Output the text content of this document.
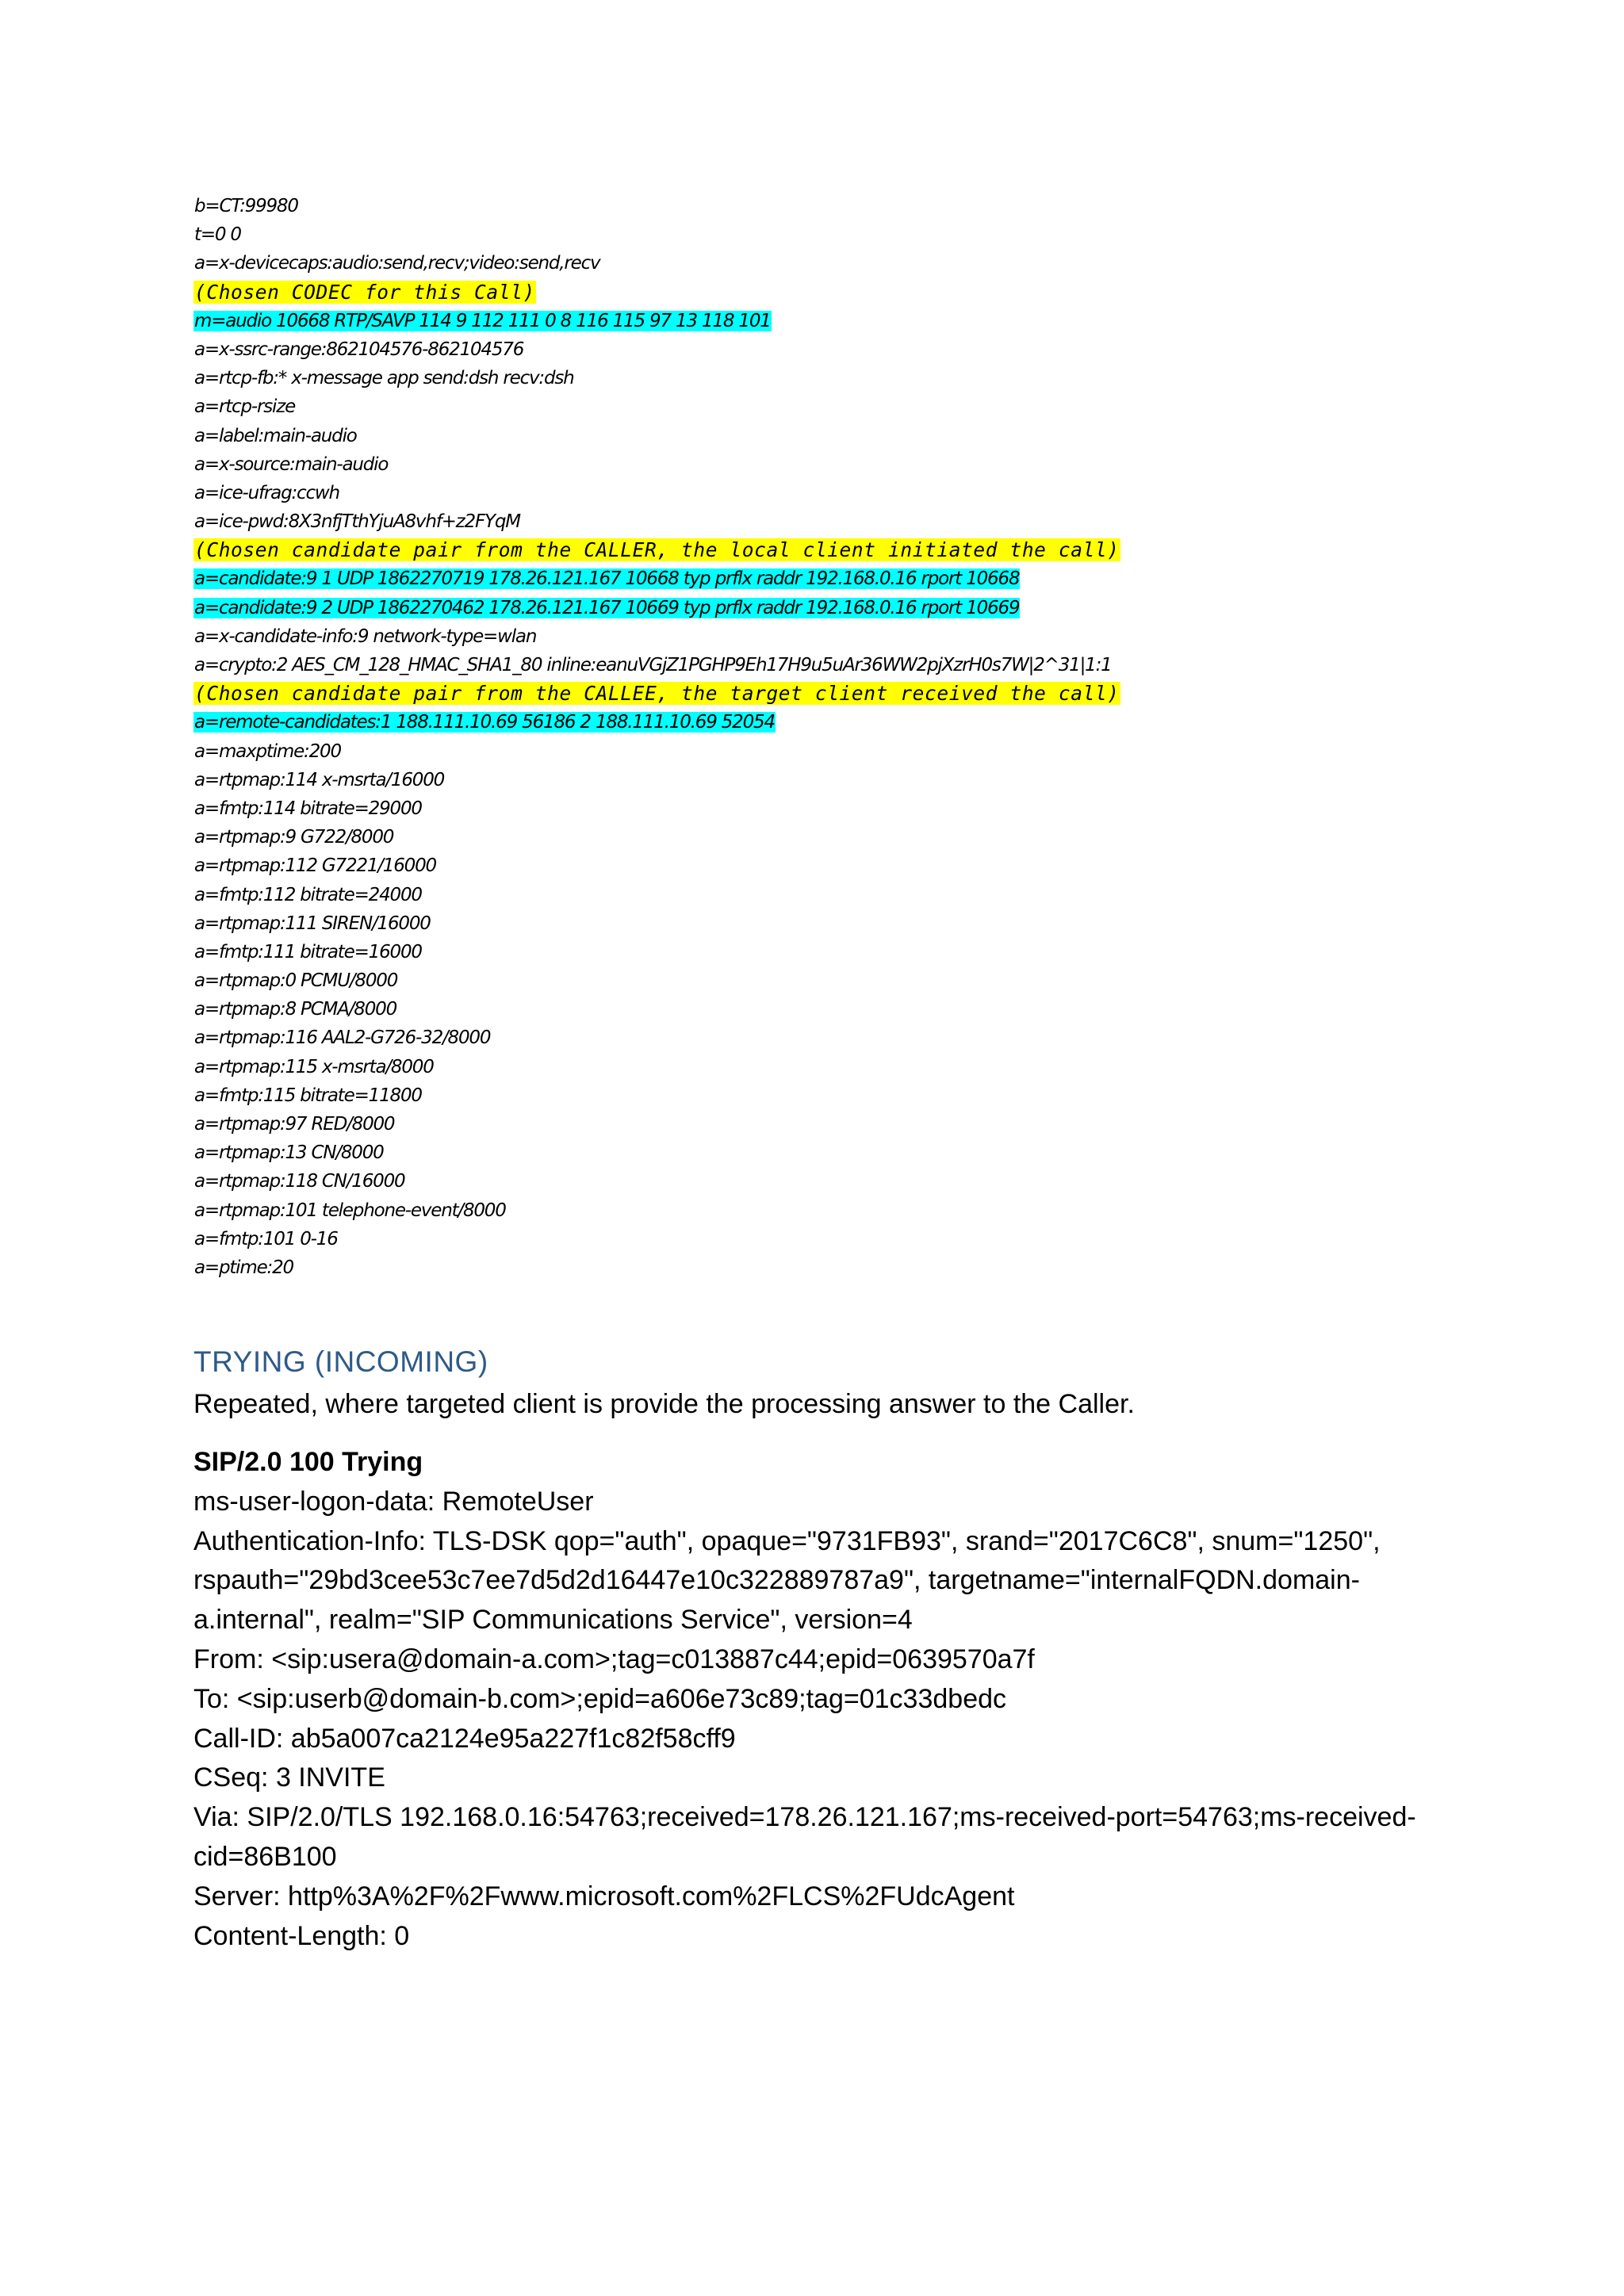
b=CT:99980
t=0 0
a=x-devicecaps:audio:send,recv;video:send,recv
(Chosen CODEC for this Call)
m=audio 10668 RTP/SAVP 114 9 112 111 0 8 116 115 97 13 118 101
a=x-ssrc-range:862104576-862104576
a=rtcp-fb:* x-message app send:dsh recv:dsh
a=rtcp-rsize
a=label:main-audio
a=x-source:main-audio
a=ice-ufrag:ccwh
a=ice-pwd:8X3nfjTthYjuA8vhf+z2FYqM
(Chosen candidate pair from the CALLER, the local client initiated the call)
a=candidate:9 1 UDP 1862270719 178.26.121.167 10668 typ prflx raddr 192.168.0.16 rport 10668
a=candidate:9 2 UDP 1862270462 178.26.121.167 10669 typ prflx raddr 192.168.0.16 rport 10669
a=x-candidate-info:9 network-type=wlan
a=crypto:2 AES_CM_128_HMAC_SHA1_80 inline:eanuVGjZ1PGHP9Eh17H9u5uAr36WW2pjXzrH0s7W|2^31|1:1
(Chosen candidate pair from the CALLEE, the target client received the call)
a=remote-candidates:1 188.111.10.69 56186 2 188.111.10.69 52054
a=maxptime:200
a=rtpmap:114 x-msrta/16000
a=fmtp:114 bitrate=29000
a=rtpmap:9 G722/8000
a=rtpmap:112 G7221/16000
a=fmtp:112 bitrate=24000
a=rtpmap:111 SIREN/16000
a=fmtp:111 bitrate=16000
a=rtpmap:0 PCMU/8000
a=rtpmap:8 PCMA/8000
a=rtpmap:116 AAL2-G726-32/8000
a=rtpmap:115 x-msrta/8000
a=fmtp:115 bitrate=11800
a=rtpmap:97 RED/8000
a=rtpmap:13 CN/8000
a=rtpmap:118 CN/16000
a=rtpmap:101 telephone-event/8000
a=fmtp:101 0-16
a=ptime:20
TRYING (INCOMING)
Repeated, where targeted client is provide the processing answer to the Caller.
SIP/2.0 100 Trying
ms-user-logon-data: RemoteUser
Authentication-Info: TLS-DSK qop="auth", opaque="9731FB93", srand="2017C6C8", snum="1250",
rspauth="29bd3cee53c7ee7d5d2d16447e10c322889787a9", targetname="internalFQDN.domain-
a.internal", realm="SIP Communications Service", version=4
From: <sip:usera@domain-a.com>;tag=c013887c44;epid=0639570a7f
To: <sip:userb@domain-b.com>;epid=a606e73c89;tag=01c33dbedc
Call-ID: ab5a007ca2124e95a227f1c82f58cff9
CSeq: 3 INVITE
Via: SIP/2.0/TLS 192.168.0.16:54763;received=178.26.121.167;ms-received-port=54763;ms-received-
cid=86B100
Server: http%3A%2F%2Fwww.microsoft.com%2FLCS%2FUdcAgent
Content-Length: 0
